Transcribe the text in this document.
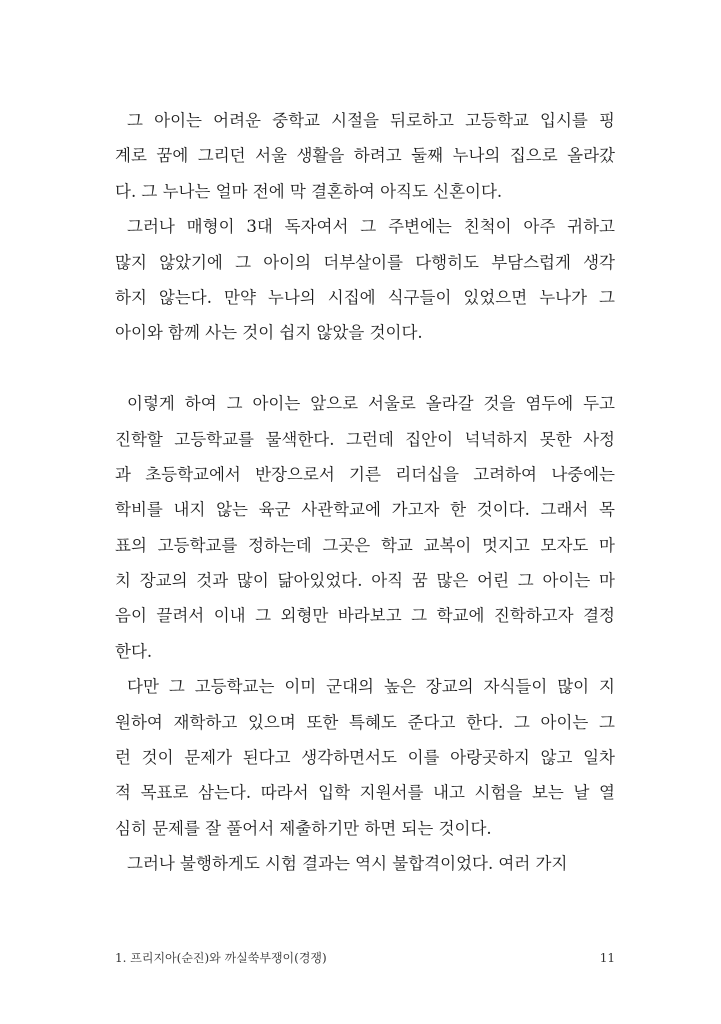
그 아이는 어려운 중학교 시절을 뒤로하고 고등학교 입시를 핑
계로 꿈에 그리던 서울 생활을 하려고 둘째 누나의 집으로 올라갔
다. 그 누나는 얼마 전에 막 결혼하여 아직도 신혼이다.
그러나 매형이 3대 독자여서 그 주변에는 친척이 아주 귀하고
많지 않았기에 그 아이의 더부살이를 다행히도 부담스럽게 생각
하지 않는다. 만약 누나의 시집에 식구들이 있었으면 누나가 그
아이와 함께 사는 것이 쉽지 않았을 것이다.
이렇게 하여 그 아이는 앞으로 서울로 올라갈 것을 염두에 두고
진학할 고등학교를 물색한다. 그런데 집안이 넉넉하지 못한 사정
과 초등학교에서 반장으로서 기른 리더십을 고려하여 나중에는
학비를 내지 않는 육군 사관학교에 가고자 한 것이다. 그래서 목
표의 고등학교를 정하는데 그곳은 학교 교복이 멋지고 모자도 마
치 장교의 것과 많이 닮아있었다. 아직 꿈 많은 어린 그 아이는 마
음이 끌려서 이내 그 외형만 바라보고 그 학교에 진학하고자 결정
한다.
다만 그 고등학교는 이미 군대의 높은 장교의 자식들이 많이 지
원하여 재학하고 있으며 또한 특혜도 준다고 한다. 그 아이는 그
런 것이 문제가 된다고 생각하면서도 이를 아랑곳하지 않고 일차
적 목표로 삼는다. 따라서 입학 지원서를 내고 시험을 보는 날 열
심히 문제를 잘 풀어서 제출하기만 하면 되는 것이다.
그러나 불행하게도 시험 결과는 역시 불합격이었다. 여러 가지
1. 프리지아(순진)와 까실쑥부쟁이(경쟁)	11
